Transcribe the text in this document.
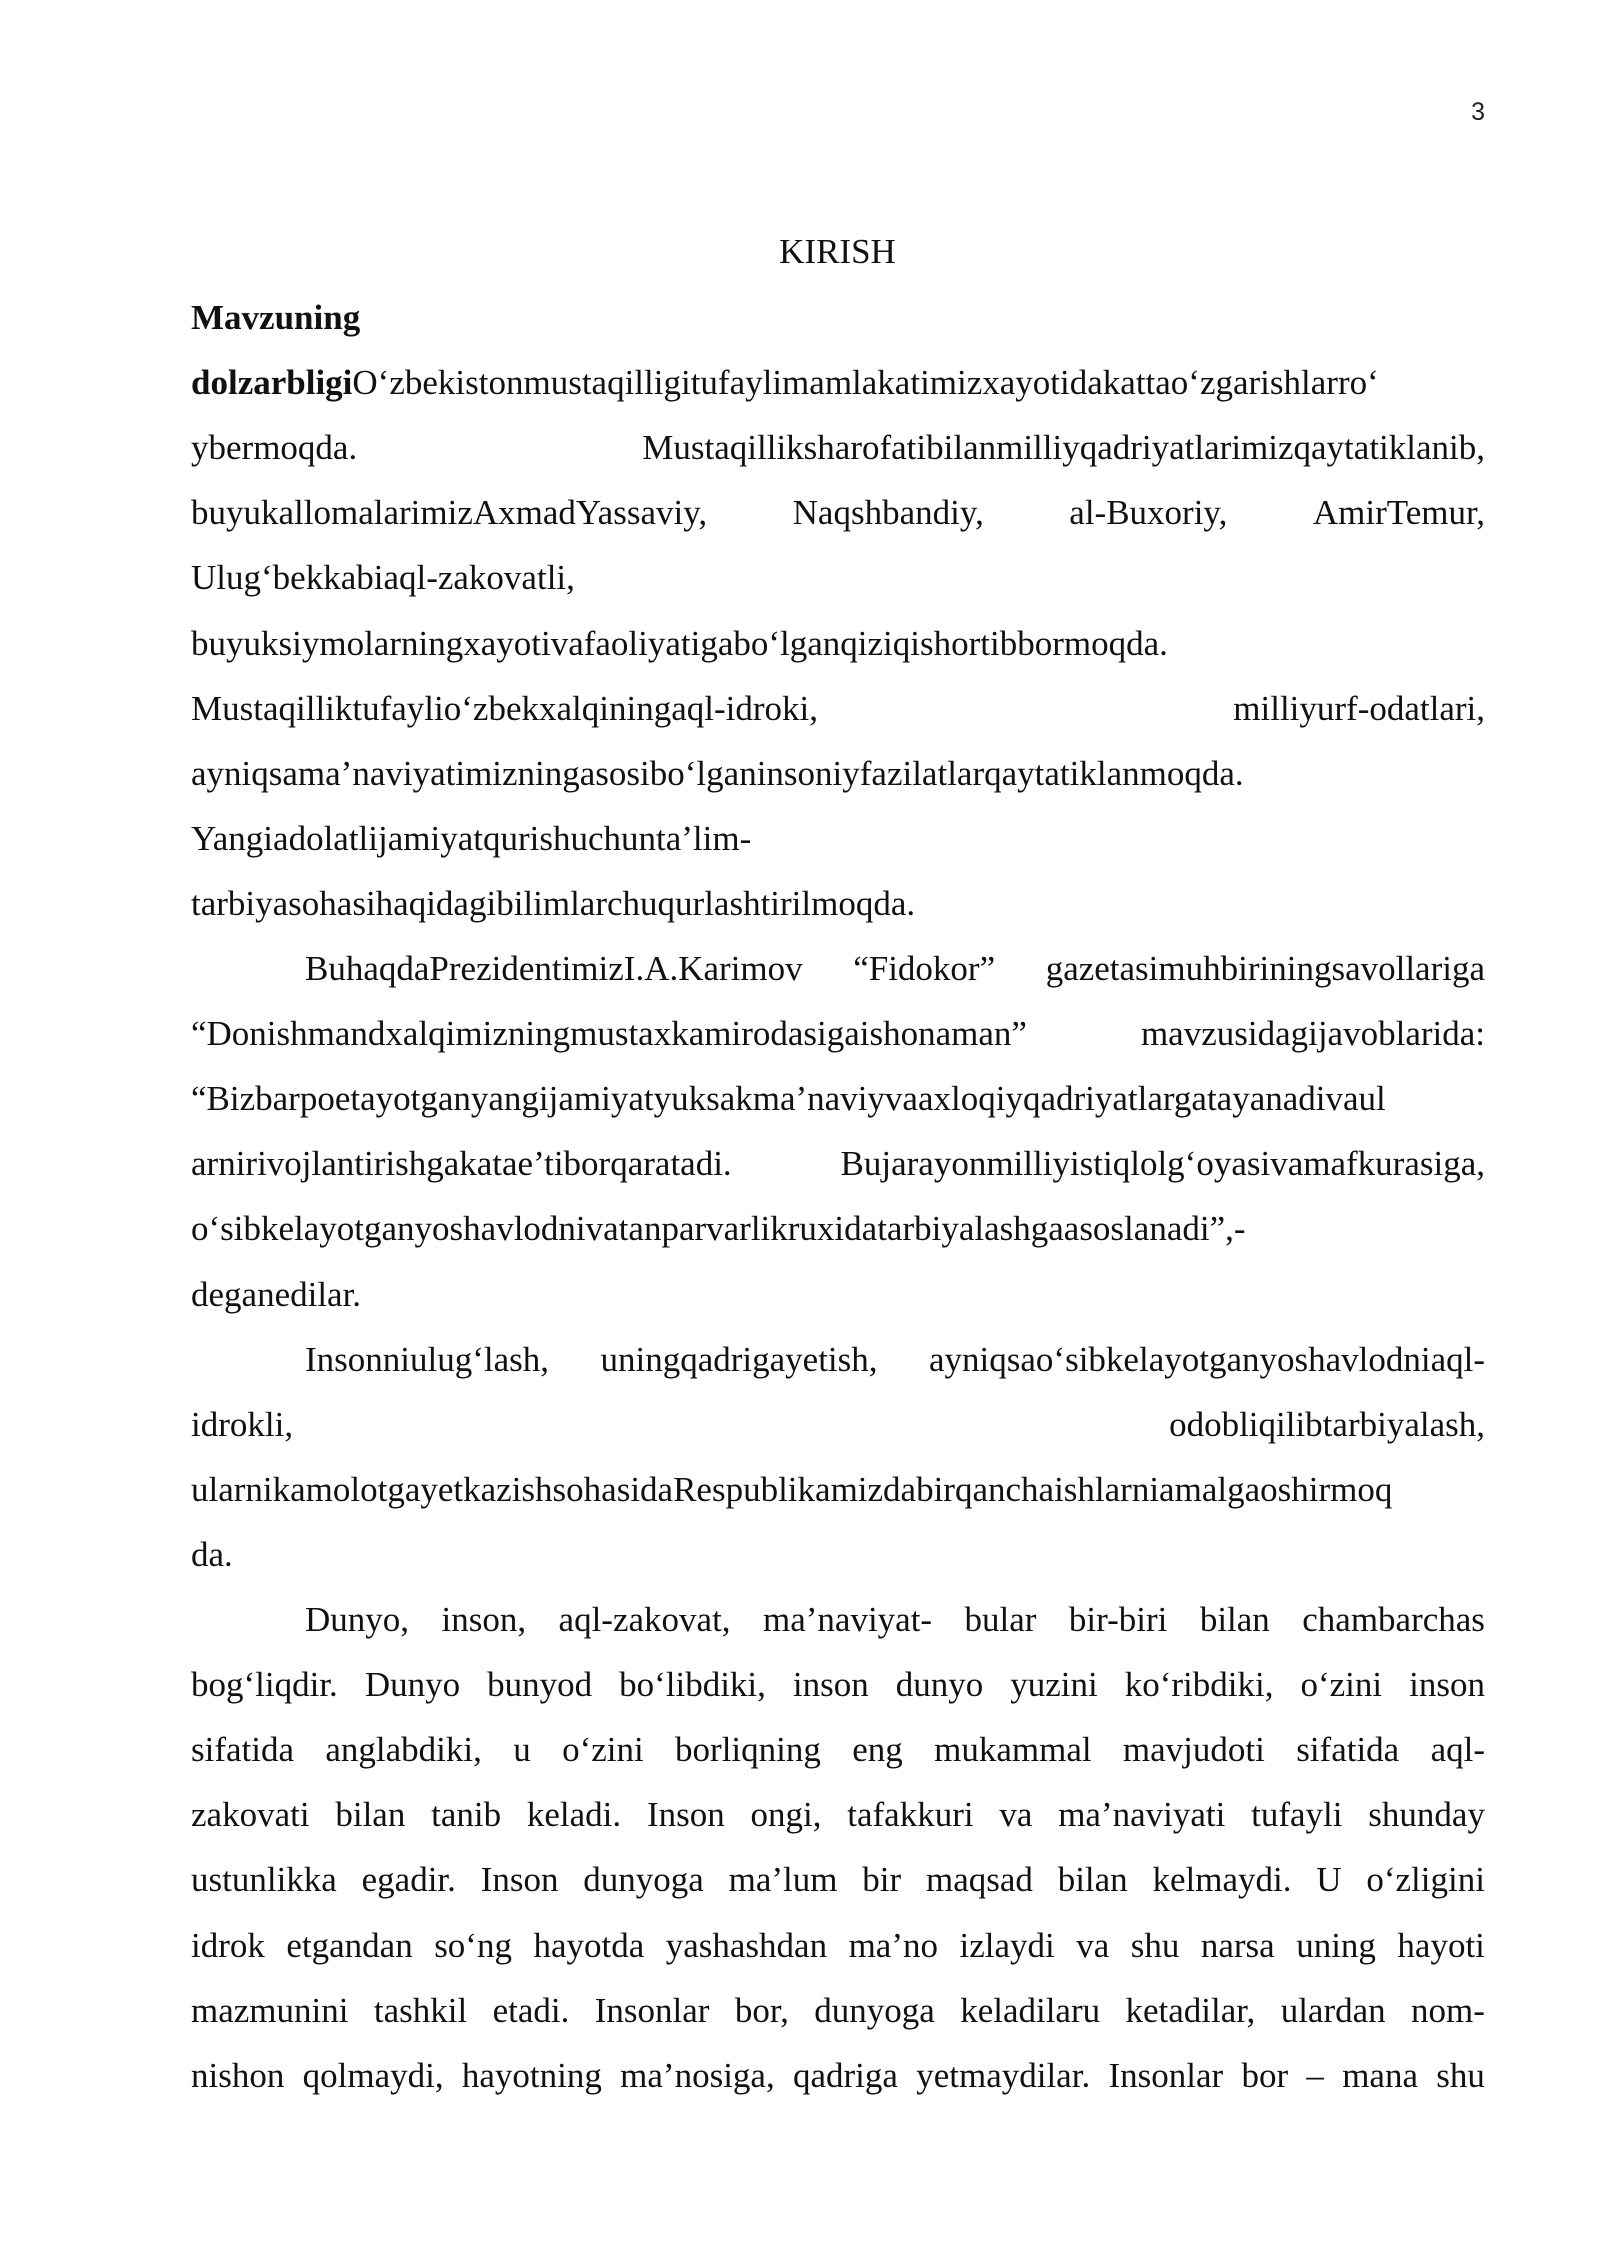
3
KIRISH
Mavzuning
dolzarbligiO‘zbekistonmustaqilligitufaylimamlakatimizxayotidakattao‘zgarishlarro‘
ybermoqda.	Mustaqilliksharofatibilanmilliyqadriyatlarimizqaytatiklanib,
buyukallomalarimizAxmadYassaviy, Naqshbandiy, al-Buxoriy, AmirTemur,
Ulug‘bekkabiaql-zakovatli,
buyuksiymolarningxayotivafaoliyatigabo‘lganqiziqishortibbormoqda.
Mustaqilliktufaylio‘zbekxalqiningaql-idroki,	milliyurf-odatlari,
ayniqsama’naviyatimizningasosibo‘lganinsoniyfazilatlarqaytatiklanmoqda.
Yangiadolatlijamiyatqurishuchunta’lim-
tarbiyasohasihaqidagibilimlarchuqurlashtirilmoqda.
BuhaqdaPrezidentimizI.A.Karimov “Fidokor” gazetasimuhbiriningsavollariga
“Donishmandxalqimizningmustaxkamirodasigaishonaman”	mavzusidagijavoblarida:
“Bizbarpoetayotganyangijamiyatyuksakma’naviyvaaxloqiyqadriyatlargatayanadivaul
arnirivojlantirishgakatae’tiborqaratadi.	Bujarayonmilliyistiqlolg‘oyasivamafkurasiga,
o‘sibkelayotganyoshavlodnivatanparvarlikruxidatarbiyalashgaasoslanadi”,-
deganedilar.
Insonniulug‘lash, uningqadrigayetish, ayniqsao‘sibkelayotganyoshavlodniaql-
idrokli,	odobliqilibtarbiyalash,
ularnikamolotgayetkazishsohasidaRespublikamizdabirqanchaishlarniamalgaoshirmoq
da.
Dunyo, inson, aql-zakovat, ma’naviyat- bular bir-biri bilan chambarchas
bog‘liqdir. Dunyo bunyod bo‘libdiki, inson dunyo yuzini ko‘ribdiki, o‘zini inson
sifatida anglabdiki, u o‘zini borliqning eng mukammal mavjudoti sifatida aql-
zakovati bilan tanib keladi. Inson ongi, tafakkuri va ma’naviyati tufayli shunday
ustunlikka egadir. Inson dunyoga ma’lum bir maqsad bilan kelmaydi. U o‘zligini
idrok etgandan so‘ng hayotda yashashdan ma’no izlaydi va shu narsa uning hayoti
mazmunini tashkil etadi. Insonlar bor, dunyoga keladilaru ketadilar, ulardan nom-
nishon qolmaydi, hayotning ma’nosiga, qadriga yetmaydilar. Insonlar bor – mana shu
